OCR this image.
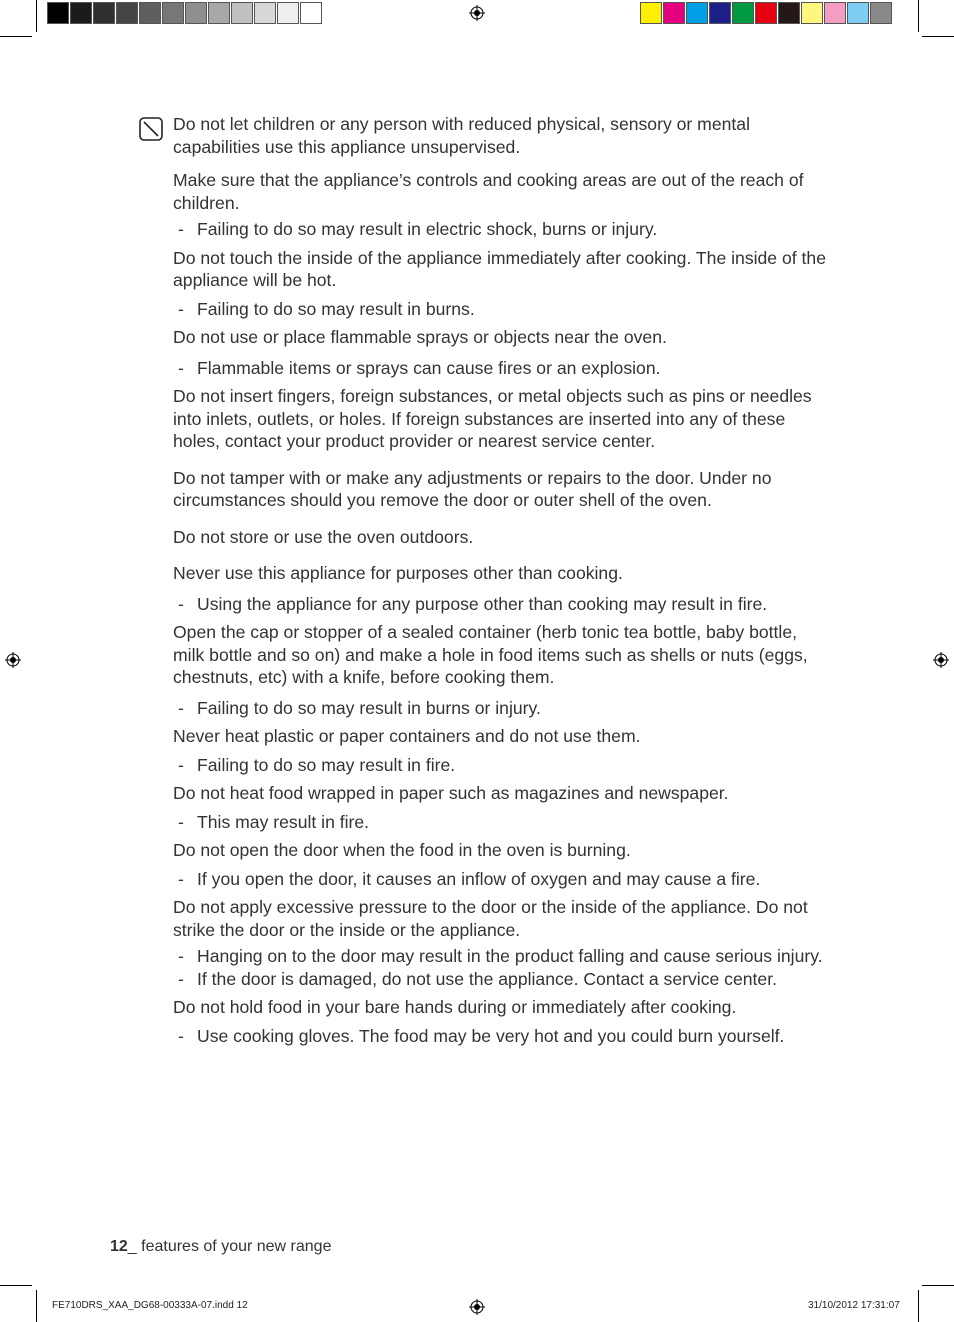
Do not let children or any person with reduced physical, sensory or mental capabilities use this appliance unsupervised.

Make sure that the appliance’s controls and cooking areas are out of the reach of children.

- Failing to do so may result in electric shock, burns or injury.

Do not touch the inside of the appliance immediately after cooking. The inside of the appliance will be hot.

- Failing to do so may result in burns.

Do not use or place flammable sprays or objects near the oven.

- Flammable items or sprays can cause fires or an explosion.

Do not insert fingers, foreign substances, or metal objects such as pins or needles into inlets, outlets, or holes. If foreign substances are inserted into any of these holes, contact your product provider or nearest service center.

Do not tamper with or make any adjustments or repairs to the door. Under no circumstances should you remove the door or outer shell of the oven.

Do not store or use the oven outdoors.

Never use this appliance for purposes other than cooking.

- Using the appliance for any purpose other than cooking may result in fire.

Open the cap or stopper of a sealed container (herb tonic tea bottle, baby bottle, milk bottle and so on) and make a hole in food items such as shells or nuts (eggs, chestnuts, etc) with a knife, before cooking them.

- Failing to do so may result in burns or injury.

Never heat plastic or paper containers and do not use them.

- Failing to do so may result in fire.

Do not heat food wrapped in paper such as magazines and newspaper.

- This may result in fire.

Do not open the door when the food in the oven is burning.

- If you open the door, it causes an inflow of oxygen and may cause a fire.

Do not apply excessive pressure to the door or the inside of the appliance. Do not strike the door or the inside or the appliance.

- Hanging on to the door may result in the product falling and cause serious injury.

- If the door is damaged, do not use the appliance. Contact a service center.

Do not hold food in your bare hands during or immediately after cooking.

- Use cooking gloves. The food may be very hot and you could burn yourself.

12_ features of your new range
FE710DRS_XAA_DG68-00333A-07.indd 12	31/10/2012 17:31:07
